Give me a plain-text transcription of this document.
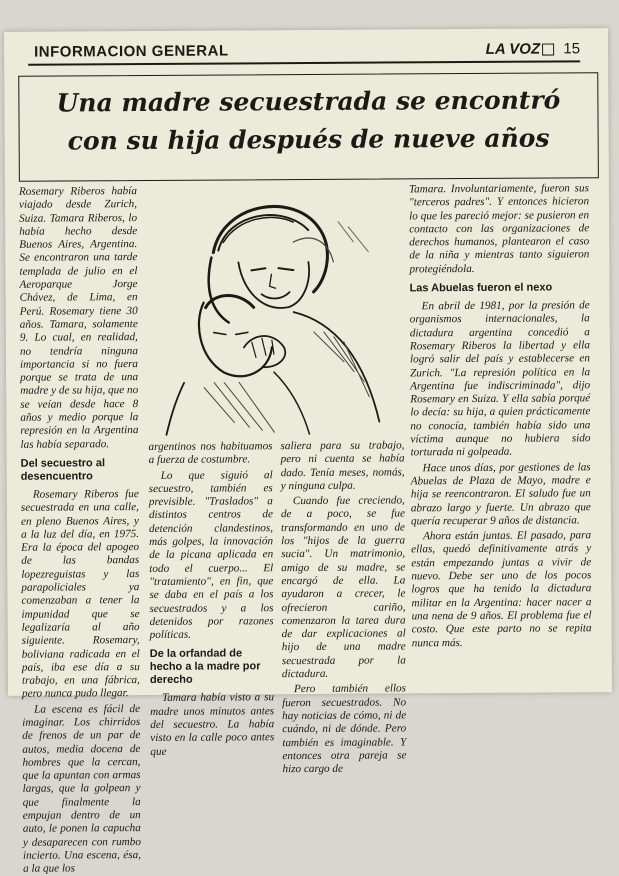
INFORMACION GENERAL	LA VOZ 15
Una madre secuestrada se encontró con su hija después de nueve años

Rosemary Riberos había viajado desde Zurich, Suiza. Tamara Riberos, lo había hecho desde Buenos Aires, Argentina. Se encontraron una tarde templada de julio en el Aeroparque Jorge Chávez, de Lima, en Perú. Rosemary tiene 30 años. Tamara, solamente 9. Lo cual, en realidad, no tendría ninguna importancia si no fuera porque se trata de una madre y de su hija, que no se veían desde hace 8 años y medio porque la represión en la Argentina las había separado.

Del secuestro al desencuentro

Rosemary Riberos fue secuestrada en una calle, en pleno Buenos Aires, y a la luz del día, en 1975. Era la época del apogeo de las bandas lopezreguistas y las parapoliciales ya comenzaban a tener la impunidad que se legalizaría al año siguiente. Rosemary, boliviana radicada en el país, iba ese día a su trabajo, en una fábrica, pero nunca pudo llegar.

La escena es fácil de imaginar. Los chirridos de frenos de un par de autos, media docena de hombres que la cercan, que la apuntan con armas largas, que la golpean y que finalmente la empujan dentro de un auto, le ponen la capucha y desaparecen con rumbo incierto. Una escena, ésa, a la que los

Tamara. Involuntariamente, fueron sus "terceros padres". Y entonces hicieron lo que les pareció mejor: se pusieron en contacto con las organizaciones de derechos humanos, plantearon el caso de la niña y mientras tanto siguieron protegiéndola.

Las Abuelas fueron el nexo

En abril de 1981, por la presión de organismos internacionales, la dictadura argentina concedió a Rosemary Riberos la libertad y ella logró salir del país y establecerse en Zurich. "La represión política en la Argentina fue indiscriminada", dijo Rosemary en Suiza. Y ella sabía porqué lo decía: su hija, a quien prácticamente no conocía, también había sido una víctima aunque no hubiera sido torturada ni golpeada.

Hace unos días, por gestiones de las Abuelas de Plaza de Mayo, madre e hija se reencontraron. El saludo fue un abrazo largo y fuerte. Un abrazo que quería recuperar 9 años de distancia.

Ahora están juntas. El pasado, para ellas, quedó definitivamente atrás y están empezando juntas a vivir de nuevo. Debe ser uno de los pocos logros que ha tenido la dictadura militar en la Argentina: hacer nacer a una nena de 9 años. El problema fue el costo. Que este parto no se repita nunca más.

argentinos nos habituamos a fuerza de costumbre.

Lo que siguió al secuestro, también es previsible. "Traslados" a distintos centros de detención clandestinos, más golpes, la innovación de la picana aplicada en todo el cuerpo... El "tratamiento", en fin, que se daba en el país a los secuestrados y a los detenidos por razones políticas.

De la orfandad de hecho a la madre por derecho

Tamara había visto a su madre unos minutos antes del secuestro. La había visto en la calle poco antes que

saliera para su trabajo, pero ni cuenta se había dado. Tenía meses, nomás, y ninguna culpa.

Cuando fue creciendo, de a poco, se fue transformando en uno de los "hijos de la guerra sucia". Un matrimonio, amigo de su madre, se encargó de ella. La ayudaron a crecer, le ofrecieron cariño, comenzaron la tarea dura de dar explicaciones al hijo de una madre secuestrada por la dictadura.

Pero también ellos fueron secuestrados. No hay noticias de cómo, ni de cuándo, ni de dónde. Pero también es imaginable. Y entonces otra pareja se hizo cargo de
